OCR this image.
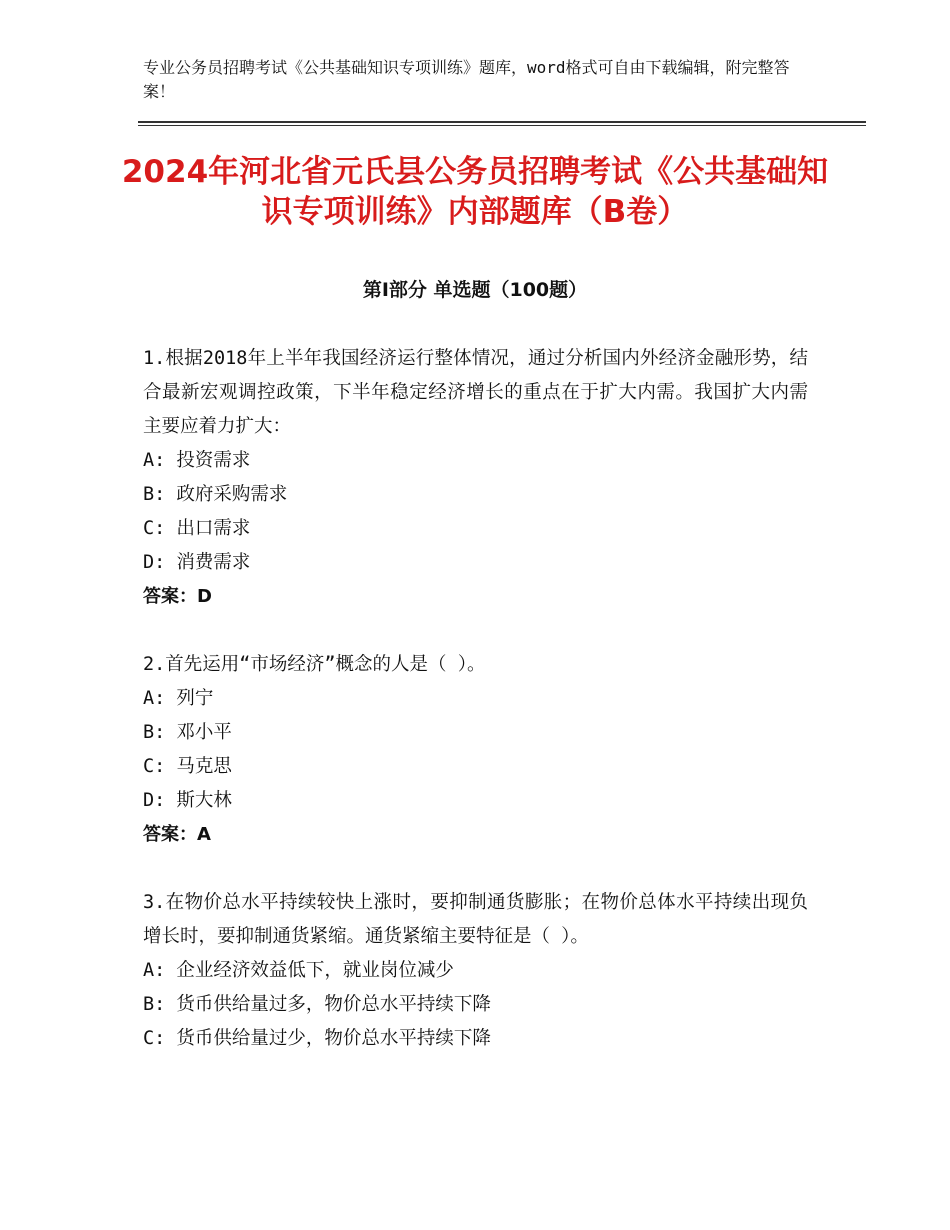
专业公务员招聘考试《公共基础知识专项训练》题库，word格式可自由下载编辑，附完整答案！
2024年河北省元氏县公务员招聘考试《公共基础知识专项训练》内部题库（B卷）
第Ⅰ部分 单选题（100题）

1.根据2018年上半年我国经济运行整体情况，通过分析国内外经济金融形势，结合最新宏观调控政策，下半年稳定经济增长的重点在于扩大内需。我国扩大内需主要应着力扩大：

A: 投资需求

B: 政府采购需求

C: 出口需求

D: 消费需求

答案：D

2.首先运用“市场经济”概念的人是（ ）。

A: 列宁

B: 邓小平

C: 马克思

D: 斯大林

答案：A

3.在物价总水平持续较快上涨时，要抑制通货膨胀；在物价总体水平持续出现负增长时，要抑制通货紧缩。通货紧缩主要特征是（ ）。

A: 企业经济效益低下，就业岗位减少

B: 货币供给量过多，物价总水平持续下降

C: 货币供给量过少，物价总水平持续下降
